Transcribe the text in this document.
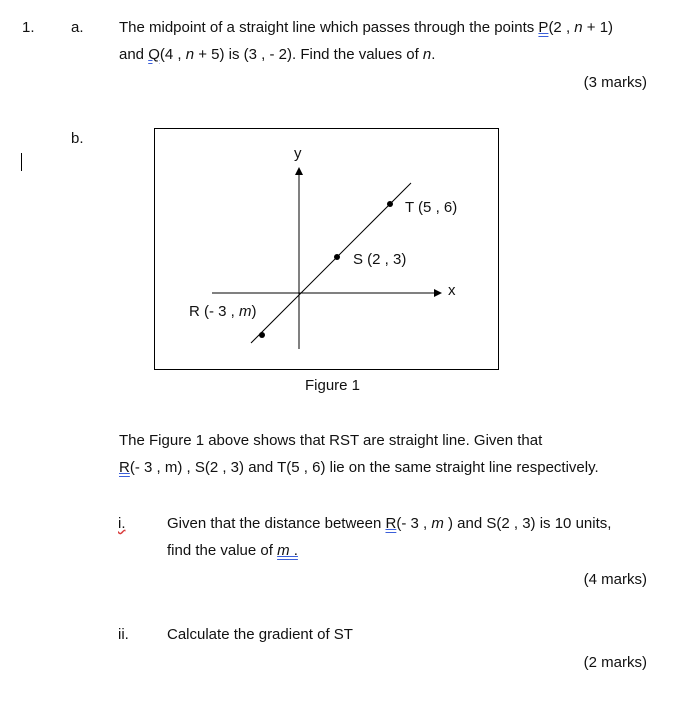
1. a. The midpoint of a straight line which passes through the points P(2 , n + 1)
and Q(4 , n + 5) is (3 , - 2). Find the values of n.
(3 marks)
b.
y
x
T (5 , 6)
S (2 , 3)
R (- 3 , m)
Figure 1
The Figure 1 above shows that RST are straight line. Given that
R(- 3 , m) , S(2 , 3) and T(5 , 6) lie on the same straight line respectively.
i.	Given that the distance between R(- 3 , m ) and S(2 , 3) is 10 units,
find the value of m .
(4 marks)
ii.	Calculate the gradient of ST
(2 marks)
